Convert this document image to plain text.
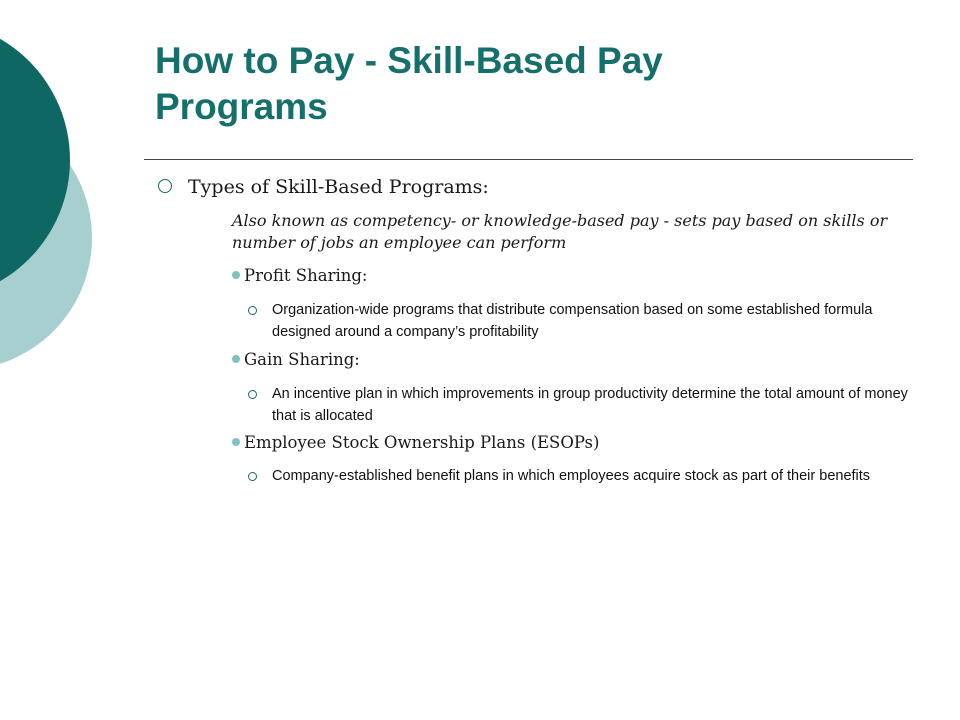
How to Pay - Skill-Based Pay
Programs
Types of Skill-Based Programs:
Also known as competency- or knowledge-based pay - sets pay based on skills or number of jobs an employee can perform
Profit Sharing:
Organization-wide programs that distribute compensation based on some established formula designed around a company’s profitability
Gain Sharing:
An incentive plan in which improvements in group productivity determine the total amount of money that is allocated
Employee Stock Ownership Plans (ESOPs)
Company-established benefit plans in which employees acquire stock as part of their benefits
